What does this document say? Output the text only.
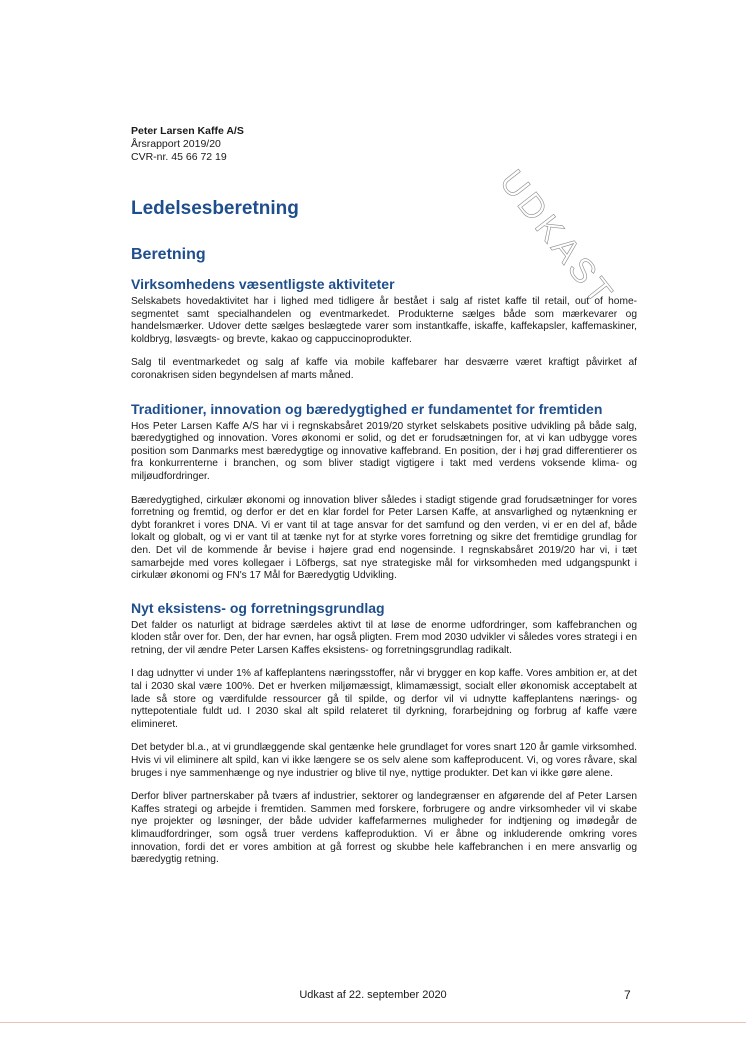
Peter Larsen Kaffe A/S
Årsrapport 2019/20
CVR-nr. 45 66 72 19
UDKAST
Ledelsesberetning
Beretning
Virksomhedens væsentligste aktiviteter

Selskabets hovedaktivitet har i lighed med tidligere år bestået i salg af ristet kaffe til retail, out of home-segmentet samt specialhandelen og eventmarkedet. Produkterne sælges både som mærkevarer og handelsmærker. Udover dette sælges beslægtede varer som instantkaffe, iskaffe, kaffekapsler, kaffemaskiner, koldbryg, løsvægts- og brevte, kakao og cappuccinoprodukter.

Salg til eventmarkedet og salg af kaffe via mobile kaffebarer har desværre været kraftigt påvirket af coronakrisen siden begyndelsen af marts måned.

Traditioner, innovation og bæredygtighed er fundamentet for fremtiden

Hos Peter Larsen Kaffe A/S har vi i regnskabsåret 2019/20 styrket selskabets positive udvikling på både salg, bæredygtighed og innovation. Vores økonomi er solid, og det er forudsætningen for, at vi kan udbygge vores position som Danmarks mest bæredygtige og innovative kaffebrand. En position, der i høj grad differentierer os fra konkurrenterne i branchen, og som bliver stadigt vigtigere i takt med verdens voksende klima- og miljøudfordringer.

Bæredygtighed, cirkulær økonomi og innovation bliver således i stadigt stigende grad forudsætninger for vores forretning og fremtid, og derfor er det en klar fordel for Peter Larsen Kaffe, at ansvarlighed og nytænkning er dybt forankret i vores DNA. Vi er vant til at tage ansvar for det samfund og den verden, vi er en del af, både lokalt og globalt, og vi er vant til at tænke nyt for at styrke vores forretning og sikre det fremtidige grundlag for den. Det vil de kommende år bevise i højere grad end nogensinde. I regnskabsåret 2019/20 har vi, i tæt samarbejde med vores kollegaer i Löfbergs, sat nye strategiske mål for virksomheden med udgangspunkt i cirkulær økonomi og FN's 17 Mål for Bæredygtig Udvikling.

Nyt eksistens- og forretningsgrundlag

Det falder os naturligt at bidrage særdeles aktivt til at løse de enorme udfordringer, som kaffebranchen og kloden står over for. Den, der har evnen, har også pligten. Frem mod 2030 udvikler vi således vores strategi i en retning, der vil ændre Peter Larsen Kaffes eksistens- og forretningsgrundlag radikalt.

I dag udnytter vi under 1% af kaffeplantens næringsstoffer, når vi brygger en kop kaffe. Vores ambition er, at det tal i 2030 skal være 100%. Det er hverken miljømæssigt, klimamæssigt, socialt eller økonomisk acceptabelt at lade så store og værdifulde ressourcer gå til spilde, og derfor vil vi udnytte kaffeplantens nærings- og nyttepotentiale fuldt ud. I 2030 skal alt spild relateret til dyrkning, forarbejdning og forbrug af kaffe være elimineret.

Det betyder bl.a., at vi grundlæggende skal gentænke hele grundlaget for vores snart 120 år gamle virksomhed. Hvis vi vil eliminere alt spild, kan vi ikke længere se os selv alene som kaffeproducent. Vi, og vores råvare, skal bruges i nye sammenhænge og nye industrier og blive til nye, nyttige produkter. Det kan vi ikke gøre alene.

Derfor bliver partnerskaber på tværs af industrier, sektorer og landegrænser en afgørende del af Peter Larsen Kaffes strategi og arbejde i fremtiden. Sammen med forskere, forbrugere og andre virksomheder vil vi skabe nye projekter og løsninger, der både udvider kaffefarmernes muligheder for indtjening og imødegår de klimaudfordringer, som også truer verdens kaffeproduktion. Vi er åbne og inkluderende omkring vores innovation, fordi det er vores ambition at gå forrest og skubbe hele kaffebranchen i en mere ansvarlig og bæredygtig retning.

Udkast af 22. september 2020	7
